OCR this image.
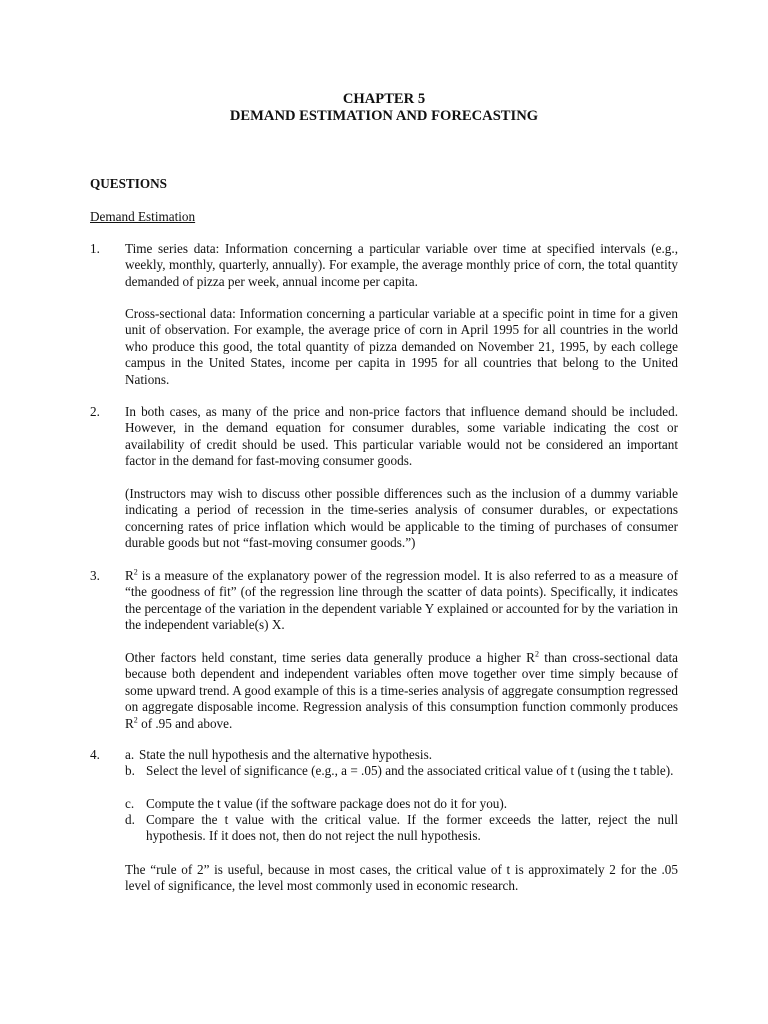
CHAPTER 5
DEMAND ESTIMATION AND FORECASTING
QUESTIONS
Demand Estimation
1. Time series data: Information concerning a particular variable over time at specified intervals (e.g., weekly, monthly, quarterly, annually). For example, the average monthly price of corn, the total quantity demanded of pizza per week, annual income per capita.
Cross-sectional data: Information concerning a particular variable at a specific point in time for a given unit of observation. For example, the average price of corn in April 1995 for all countries in the world who produce this good, the total quantity of pizza demanded on November 21, 1995, by each college campus in the United States, income per capita in 1995 for all countries that belong to the United Nations.
2. In both cases, as many of the price and non-price factors that influence demand should be included. However, in the demand equation for consumer durables, some variable indicating the cost or availability of credit should be used. This particular variable would not be considered an important factor in the demand for fast-moving consumer goods.
(Instructors may wish to discuss other possible differences such as the inclusion of a dummy variable indicating a period of recession in the time-series analysis of consumer durables, or expectations concerning rates of price inflation which would be applicable to the timing of purchases of consumer durable goods but not “fast-moving consumer goods.”)
3. $R^2$ is a measure of the explanatory power of the regression model. It is also referred to as a measure of “the goodness of fit” (of the regression line through the scatter of data points). Specifically, it indicates the percentage of the variation in the dependent variable Y explained or accounted for by the variation in the independent variable(s) X.
Other factors held constant, time series data generally produce a higher $R^2$ than cross-sectional data because both dependent and independent variables often move together over time simply because of some upward trend. A good example of this is a time-series analysis of aggregate consumption regressed on aggregate disposable income. Regression analysis of this consumption function commonly produces $R^2$ of .95 and above.
4. a. State the null hypothesis and the alternative hypothesis.
b. Select the level of significance (e.g., a = .05) and the associated critical value of t (using the t table).
c. Compute the t value (if the software package does not do it for you).
d. Compare the t value with the critical value. If the former exceeds the latter, reject the null hypothesis. If it does not, then do not reject the null hypothesis.
The “rule of 2” is useful, because in most cases, the critical value of t is approximately 2 for the .05 level of significance, the level most commonly used in economic research.
